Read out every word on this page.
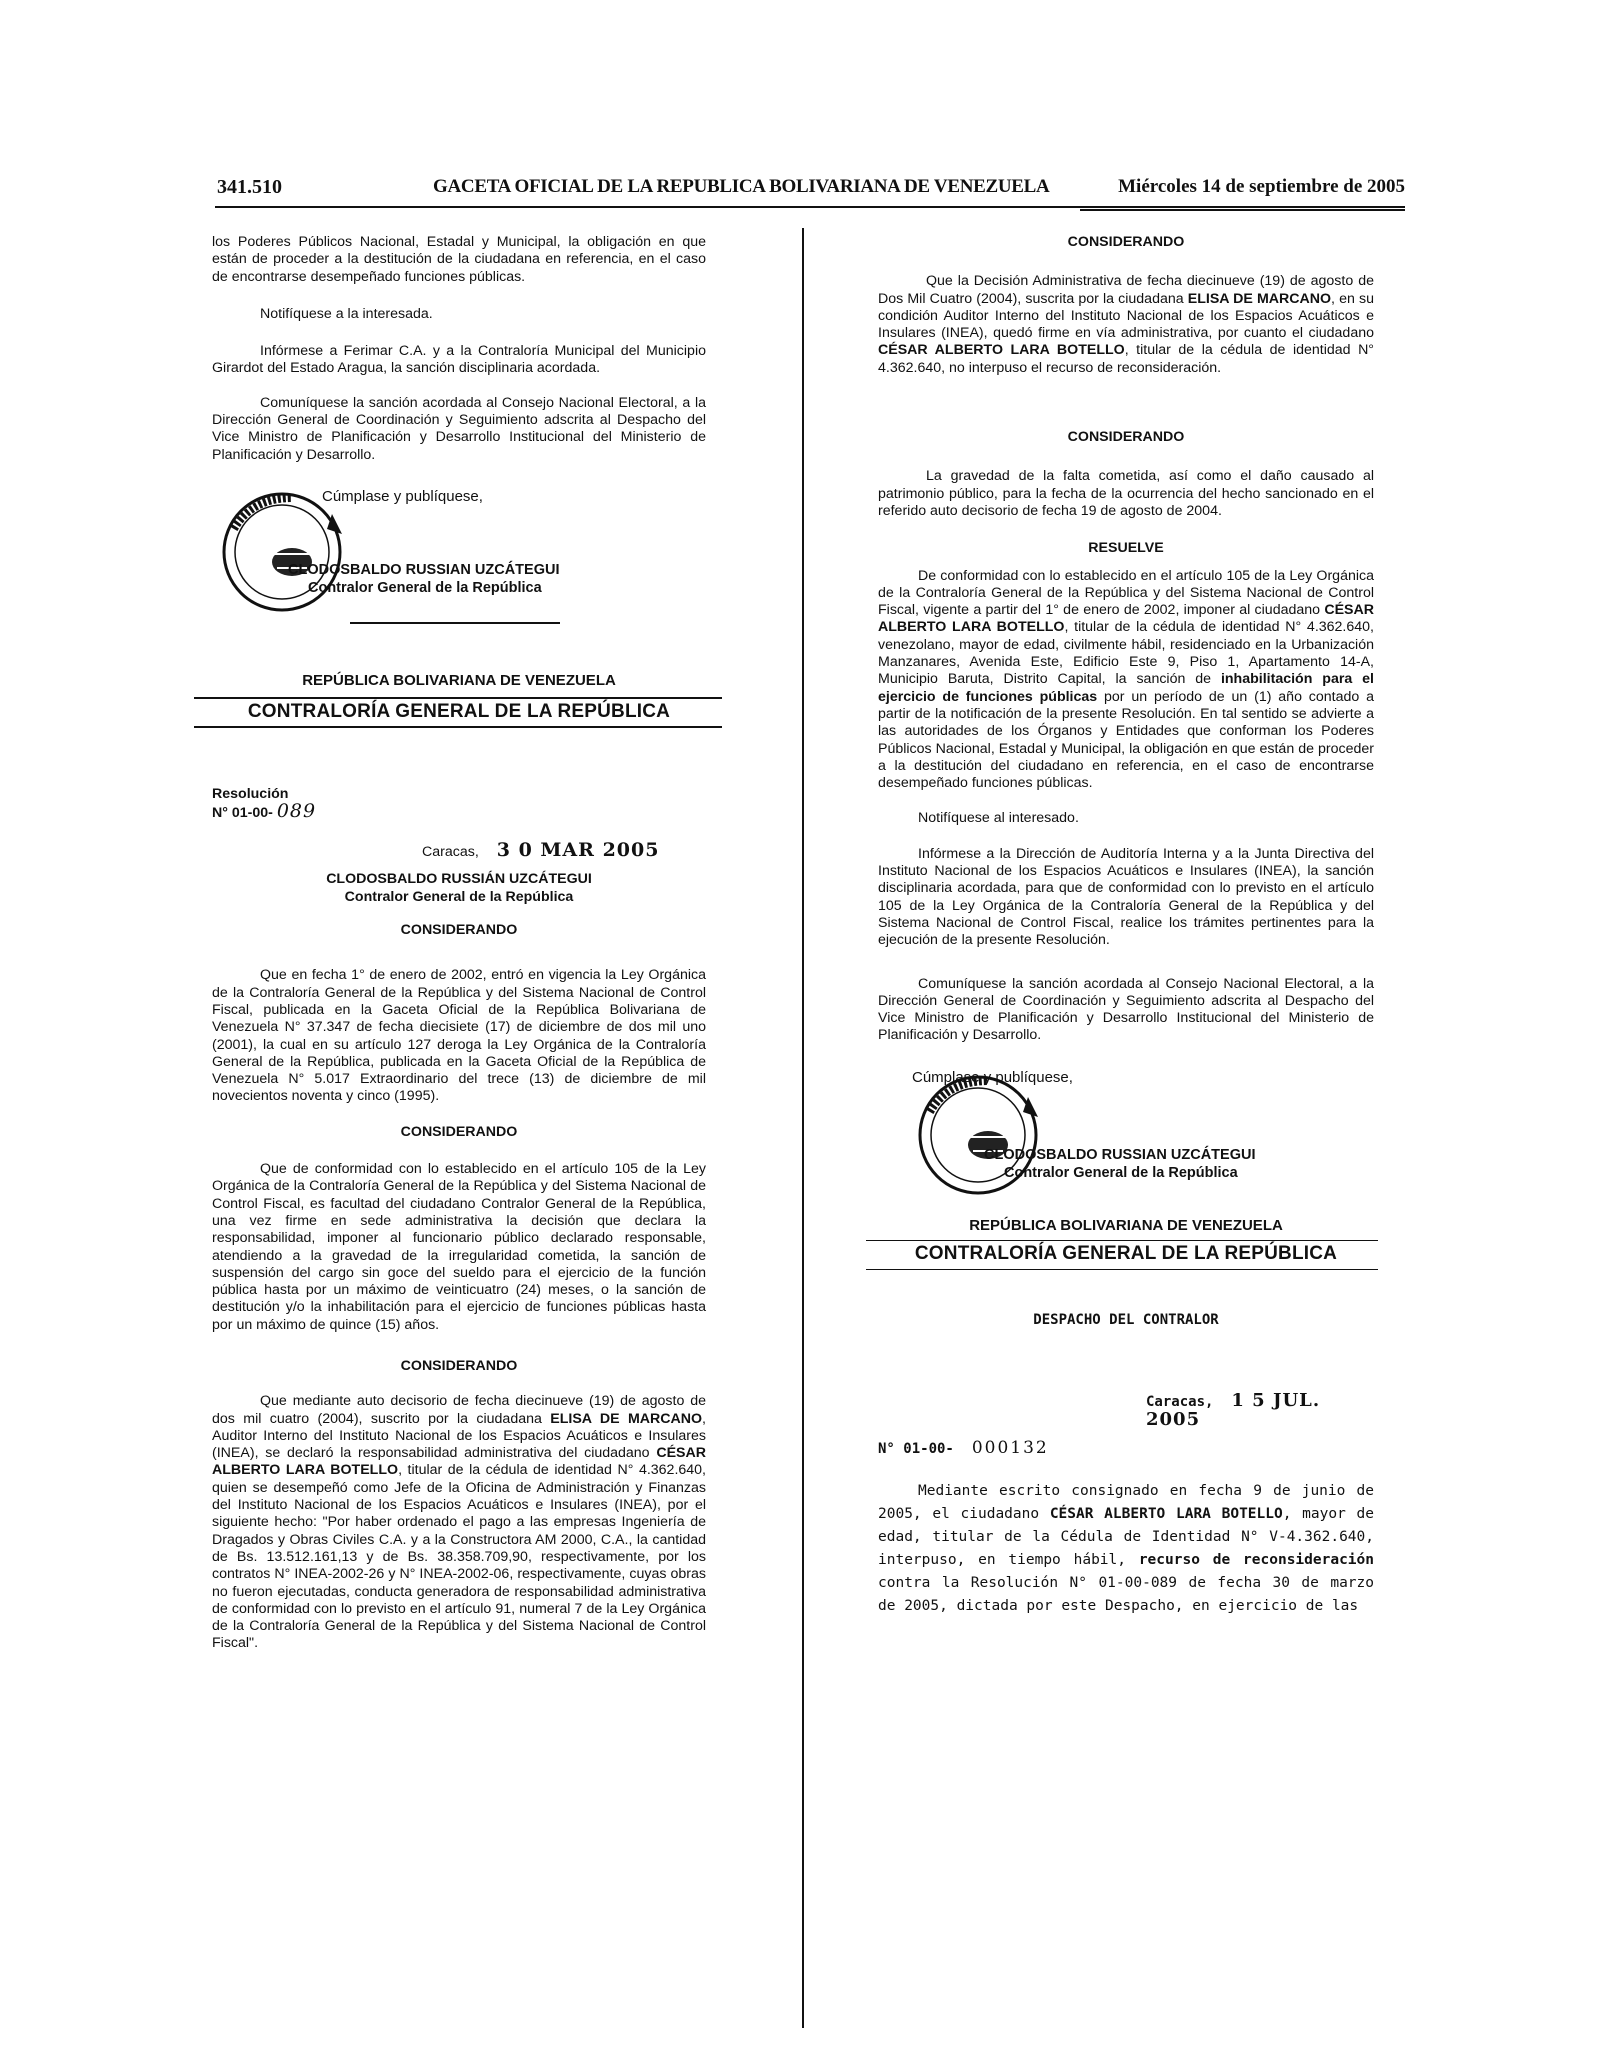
341.510	GACETA OFICIAL DE LA REPUBLICA BOLIVARIANA DE VENEZUELA	Miércoles 14 de septiembre de 2005

los Poderes Públicos Nacional, Estadal y Municipal, la obligación en que están de proceder a la destitución de la ciudadana en referencia, en el caso de encontrarse desempeñado funciones públicas.

Notifíquese a la interesada.

Infórmese a Ferimar C.A. y a la Contraloría Municipal del Municipio Girardot del Estado Aragua, la sanción disciplinaria acordada.

Comuníquese la sanción acordada al Consejo Nacional Electoral, a la Dirección General de Coordinación y Seguimiento adscrita al Despacho del Vice Ministro de Planificación y Desarrollo Institucional del Ministerio de Planificación y Desarrollo.

Cúmplase y publíquese,
CLODOSBALDO RUSSIAN UZCÁTEGUI
Contralor General de la República

REPÚBLICA BOLIVARIANA DE VENEZUELA

CONTRALORÍA GENERAL DE LA REPÚBLICA

Resolución

N° 01-00- 089

Caracas, 3 0 MAR 2005

CLODOSBALDO RUSSIÁN UZCÁTEGUI

Contralor General de la República

CONSIDERANDO

Que en fecha 1° de enero de 2002, entró en vigencia la Ley Orgánica de la Contraloría General de la República y del Sistema Nacional de Control Fiscal, publicada en la Gaceta Oficial de la República Bolivariana de Venezuela N° 37.347 de fecha diecisiete (17) de diciembre de dos mil uno (2001), la cual en su artículo 127 deroga la Ley Orgánica de la Contraloría General de la República, publicada en la Gaceta Oficial de la República de Venezuela N° 5.017 Extraordinario del trece (13) de diciembre de mil novecientos noventa y cinco (1995).

CONSIDERANDO

Que de conformidad con lo establecido en el artículo 105 de la Ley Orgánica de la Contraloría General de la República y del Sistema Nacional de Control Fiscal, es facultad del ciudadano Contralor General de la República, una vez firme en sede administrativa la decisión que declara la responsabilidad, imponer al funcionario público declarado responsable, atendiendo a la gravedad de la irregularidad cometida, la sanción de suspensión del cargo sin goce del sueldo para el ejercicio de la función pública hasta por un máximo de veinticuatro (24) meses, o la sanción de destitución y/o la inhabilitación para el ejercicio de funciones públicas hasta por un máximo de quince (15) años.

CONSIDERANDO

Que mediante auto decisorio de fecha diecinueve (19) de agosto de dos mil cuatro (2004), suscrito por la ciudadana ELISA DE MARCANO, Auditor Interno del Instituto Nacional de los Espacios Acuáticos e Insulares (INEA), se declaró la responsabilidad administrativa del ciudadano CÉSAR ALBERTO LARA BOTELLO, titular de la cédula de identidad N° 4.362.640, quien se desempeñó como Jefe de la Oficina de Administración y Finanzas del Instituto Nacional de los Espacios Acuáticos e Insulares (INEA), por el siguiente hecho: "Por haber ordenado el pago a las empresas Ingeniería de Dragados y Obras Civiles C.A. y a la Constructora AM 2000, C.A., la cantidad de Bs. 13.512.161,13 y de Bs. 38.358.709,90, respectivamente, por los contratos N° INEA-2002-26 y N° INEA-2002-06, respectivamente, cuyas obras no fueron ejecutadas, conducta generadora de responsabilidad administrativa de conformidad con lo previsto en el artículo 91, numeral 7 de la Ley Orgánica de la Contraloría General de la República y del Sistema Nacional de Control Fiscal".

CONSIDERANDO

Que la Decisión Administrativa de fecha diecinueve (19) de agosto de Dos Mil Cuatro (2004), suscrita por la ciudadana ELISA DE MARCANO, en su condición Auditor Interno del Instituto Nacional de los Espacios Acuáticos e Insulares (INEA), quedó firme en vía administrativa, por cuanto el ciudadano CÉSAR ALBERTO LARA BOTELLO, titular de la cédula de identidad N° 4.362.640, no interpuso el recurso de reconsideración.

CONSIDERANDO

La gravedad de la falta cometida, así como el daño causado al patrimonio público, para la fecha de la ocurrencia del hecho sancionado en el referido auto decisorio de fecha 19 de agosto de 2004.

RESUELVE

De conformidad con lo establecido en el artículo 105 de la Ley Orgánica de la Contraloría General de la República y del Sistema Nacional de Control Fiscal, vigente a partir del 1° de enero de 2002, imponer al ciudadano CÉSAR ALBERTO LARA BOTELLO, titular de la cédula de identidad N° 4.362.640, venezolano, mayor de edad, civilmente hábil, residenciado en la Urbanización Manzanares, Avenida Este, Edificio Este 9, Piso 1, Apartamento 14-A, Municipio Baruta, Distrito Capital, la sanción de inhabilitación para el ejercicio de funciones públicas por un período de un (1) año contado a partir de la notificación de la presente Resolución. En tal sentido se advierte a las autoridades de los Órganos y Entidades que conforman los Poderes Públicos Nacional, Estadal y Municipal, la obligación en que están de proceder a la destitución del ciudadano en referencia, en el caso de encontrarse desempeñado funciones públicas.

Notifíquese al interesado.

Infórmese a la Dirección de Auditoría Interna y a la Junta Directiva del Instituto Nacional de los Espacios Acuáticos e Insulares (INEA), la sanción disciplinaria acordada, para que de conformidad con lo previsto en el artículo 105 de la Ley Orgánica de la Contraloría General de la República y del Sistema Nacional de Control Fiscal, realice los trámites pertinentes para la ejecución de la presente Resolución.

Comuníquese la sanción acordada al Consejo Nacional Electoral, a la Dirección General de Coordinación y Seguimiento adscrita al Despacho del Vice Ministro de Planificación y Desarrollo Institucional del Ministerio de Planificación y Desarrollo.

Cúmplase y publíquese,
CLODOSBALDO RUSSIAN UZCÁTEGUI
Contralor General de la República

REPÚBLICA BOLIVARIANA DE VENEZUELA

CONTRALORÍA GENERAL DE LA REPÚBLICA

DESPACHO DEL CONTRALOR

Caracas, 1 5 JUL. 2005

N° 01-00- 000132

Mediante escrito consignado en fecha 9 de junio de 2005, el ciudadano CÉSAR ALBERTO LARA BOTELLO, mayor de edad, titular de la Cédula de Identidad N° V-4.362.640, interpuso, en tiempo hábil, recurso de reconsideración contra la Resolución N° 01-00-089 de fecha 30 de marzo de 2005, dictada por este Despacho, en ejercicio de las
